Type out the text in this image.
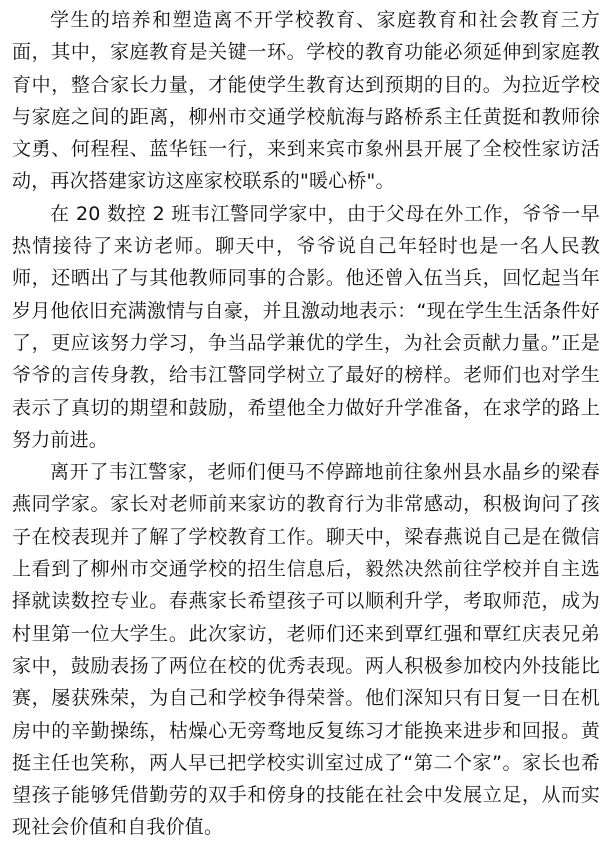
学生的培养和塑造离不开学校教育、家庭教育和社会教育三方面，其中，家庭教育是关键一环。学校的教育功能必须延伸到家庭教育中，整合家长力量，才能使学生教育达到预期的目的。为拉近学校与家庭之间的距离，柳州市交通学校航海与路桥系主任黄挺和教师徐文勇、何程程、蓝华钰一行，来到来宾市象州县开展了全校性家访活动，再次搭建家访这座家校联系的"暖心桥"。

在 20 数控 2 班韦江警同学家中，由于父母在外工作，爷爷一早热情接待了来访老师。聊天中，爷爷说自己年轻时也是一名人民教师，还晒出了与其他教师同事的合影。他还曾入伍当兵，回忆起当年岁月他依旧充满激情与自豪，并且激动地表示：“现在学生生活条件好了，更应该努力学习，争当品学兼优的学生，为社会贡献力量。”正是爷爷的言传身教，给韦江警同学树立了最好的榜样。老师们也对学生表示了真切的期望和鼓励，希望他全力做好升学准备，在求学的路上努力前进。

离开了韦江警家，老师们便马不停蹄地前往象州县水晶乡的梁春燕同学家。家长对老师前来家访的教育行为非常感动，积极询问了孩子在校表现并了解了学校教育工作。聊天中，梁春燕说自己是在微信上看到了柳州市交通学校的招生信息后，毅然决然前往学校并自主选择就读数控专业。春燕家长希望孩子可以顺利升学，考取师范，成为村里第一位大学生。此次家访，老师们还来到覃红强和覃红庆表兄弟家中，鼓励表扬了两位在校的优秀表现。两人积极参加校内外技能比赛，屡获殊荣，为自己和学校争得荣誉。他们深知只有日复一日在机房中的辛勤操练，枯燥心无旁骛地反复练习才能换来进步和回报。黄挺主任也笑称，两人早已把学校实训室过成了“第二个家”。家长也希望孩子能够凭借勤劳的双手和傍身的技能在社会中发展立足，从而实现社会价值和自我价值。
